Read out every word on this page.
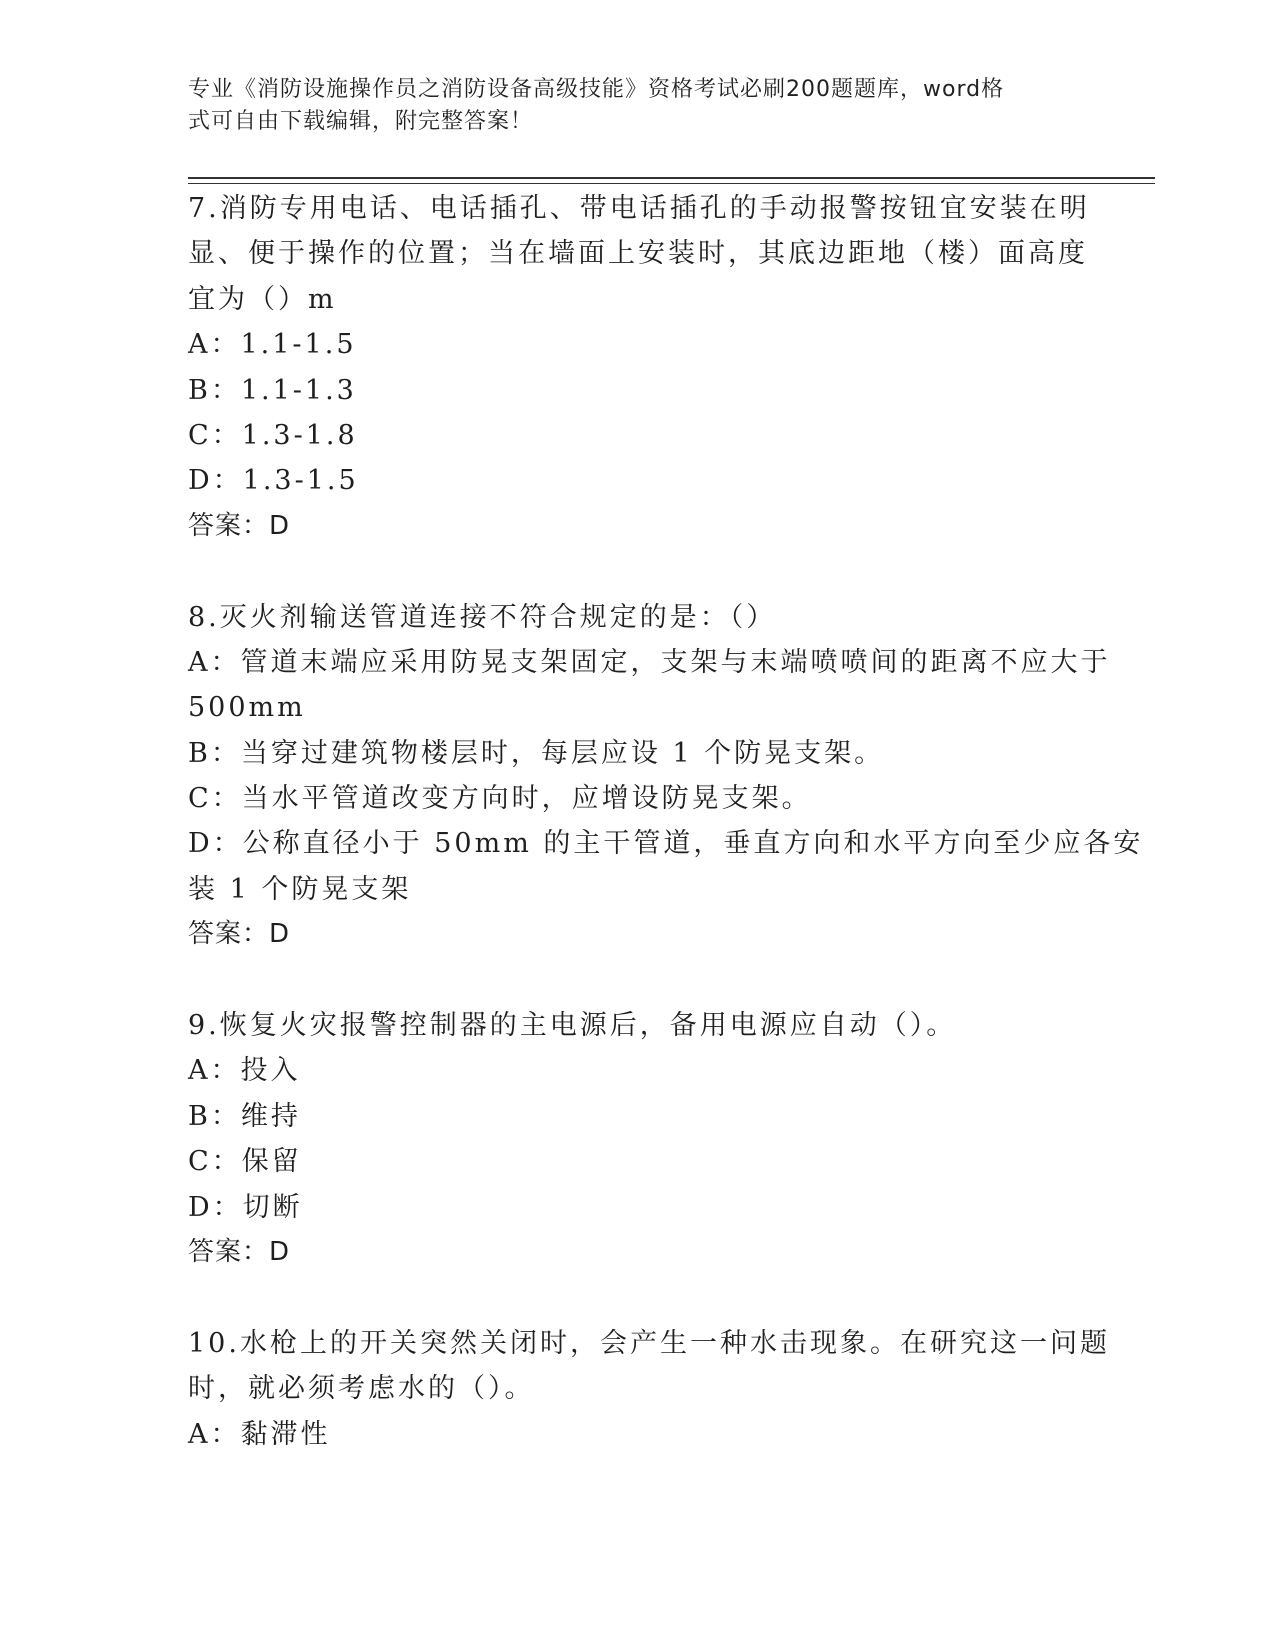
专业《消防设施操作员之消防设备高级技能》资格考试必刷200题题库，word格
式可自由下载编辑，附完整答案！
7.消防专用电话、电话插孔、带电话插孔的手动报警按钮宜安装在明
显、便于操作的位置；当在墙面上安装时，其底边距地（楼）面高度
宜为（）m
A：1.1-1.5
B：1.1-1.3
C：1.3-1.8
D：1.3-1.5
答案：D
8.灭火剂输送管道连接不符合规定的是：（）
A：管道末端应采用防晃支架固定，支架与末端喷喷间的距离不应大于
500mm
B：当穿过建筑物楼层时，每层应设 1 个防晃支架。
C：当水平管道改变方向时，应增设防晃支架。
D：公称直径小于 50mm 的主干管道，垂直方向和水平方向至少应各安
装 1 个防晃支架
答案：D
9.恢复火灾报警控制器的主电源后，备用电源应自动（）。
A：投入
B：维持
C：保留
D：切断
答案：D
10.水枪上的开关突然关闭时，会产生一种水击现象。在研究这一问题
时，就必须考虑水的（）。
A：黏滞性
